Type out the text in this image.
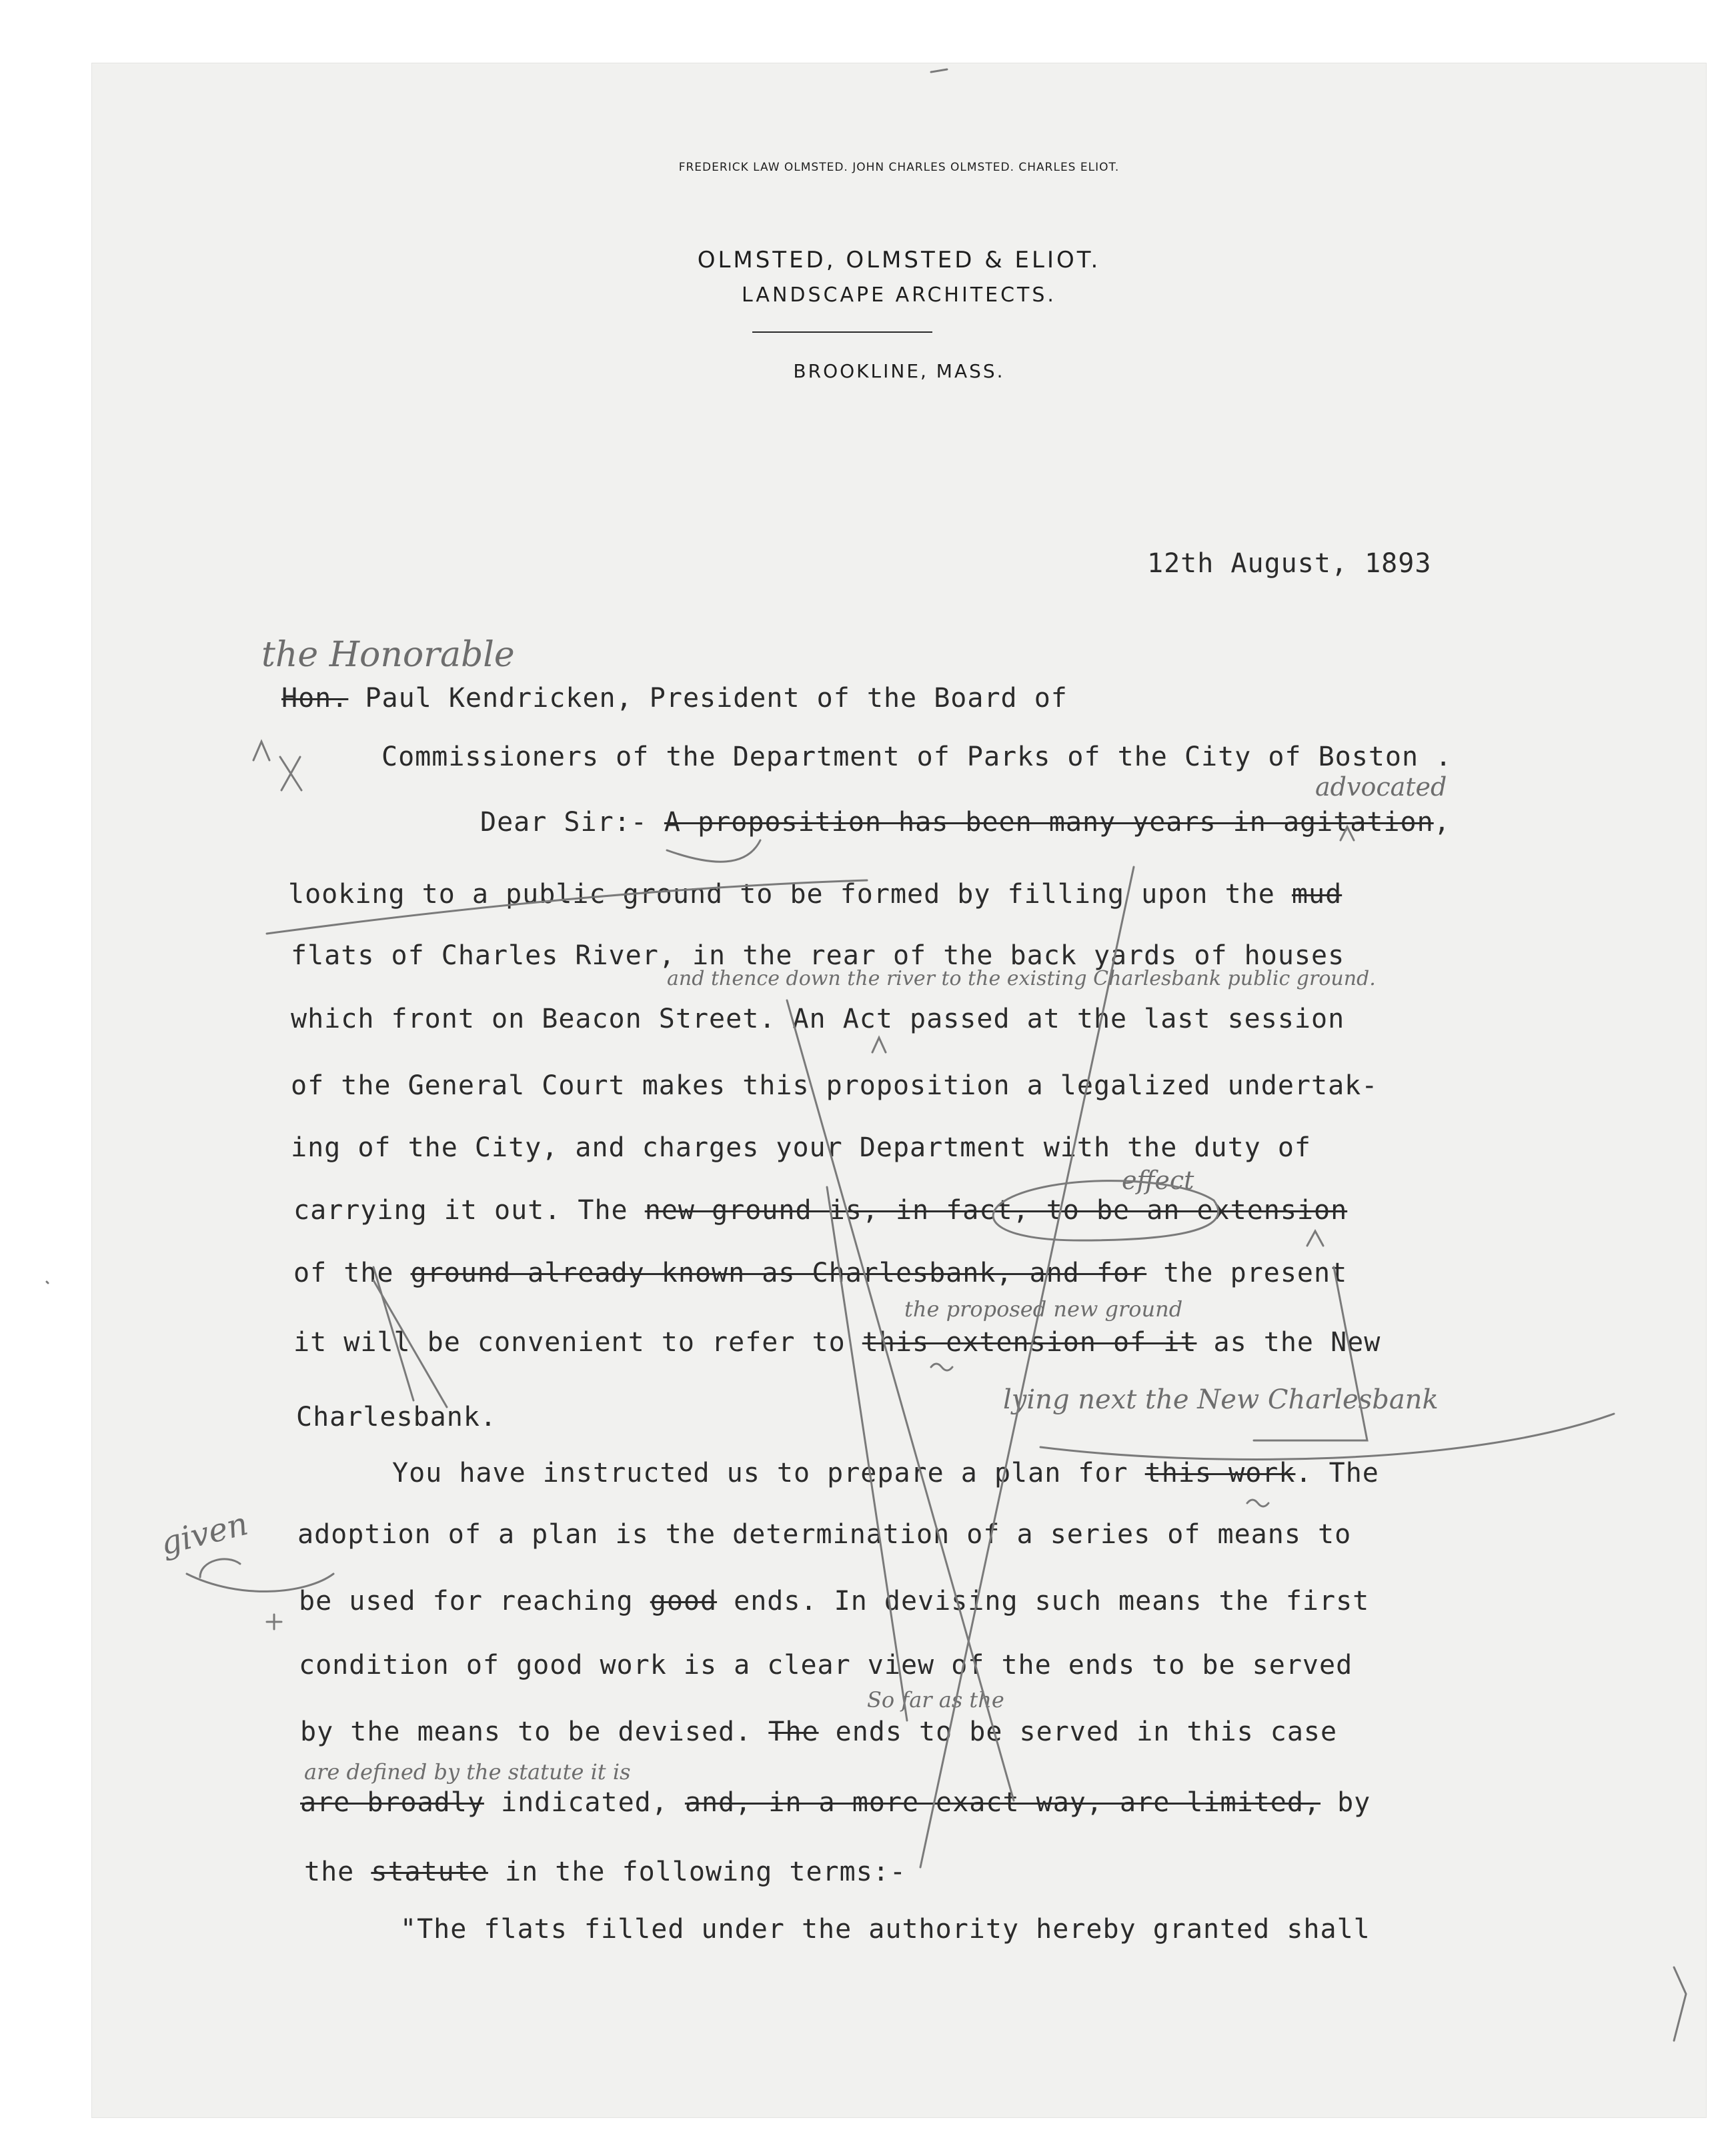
FREDERICK LAW OLMSTED. JOHN CHARLES OLMSTED. CHARLES ELIOT.
OLMSTED, OLMSTED & ELIOT.
LANDSCAPE ARCHITECTS.
BROOKLINE, MASS.
12th August, 1893
Hon. Paul Kendricken, President of the Board of
Commissioners of the Department of Parks of the City of Boston .
Dear Sir:- A proposition has been many years in agitation,
looking to a public ground to be formed by filling upon the mud
flats of Charles River, in the rear of the back yards of houses
which front on Beacon Street. An Act passed at the last session
of the General Court makes this proposition a legalized undertak-
ing of the City, and charges your Department with the duty of
carrying it out. The new ground is, in fact, to be an extension
of the ground already known as Charlesbank, and for the present
it will be convenient to refer to this extension of it as the New
Charlesbank.
You have instructed us to prepare a plan for this work. The
adoption of a plan is the determination of a series of means to
be used for reaching good ends. In devising such means the first
condition of good work is a clear view of the ends to be served
by the means to be devised. The ends to be served in this case
are broadly indicated, and, in a more exact way, are limited, by
the statute in the following terms:-
"The flats filled under the authority hereby granted shall
the Honorable
advocated
and thence down the river to the existing Charlesbank public ground.
effect
the proposed new ground
lying next the New Charlesbank
given
So far as the
are defined by the statute it is
